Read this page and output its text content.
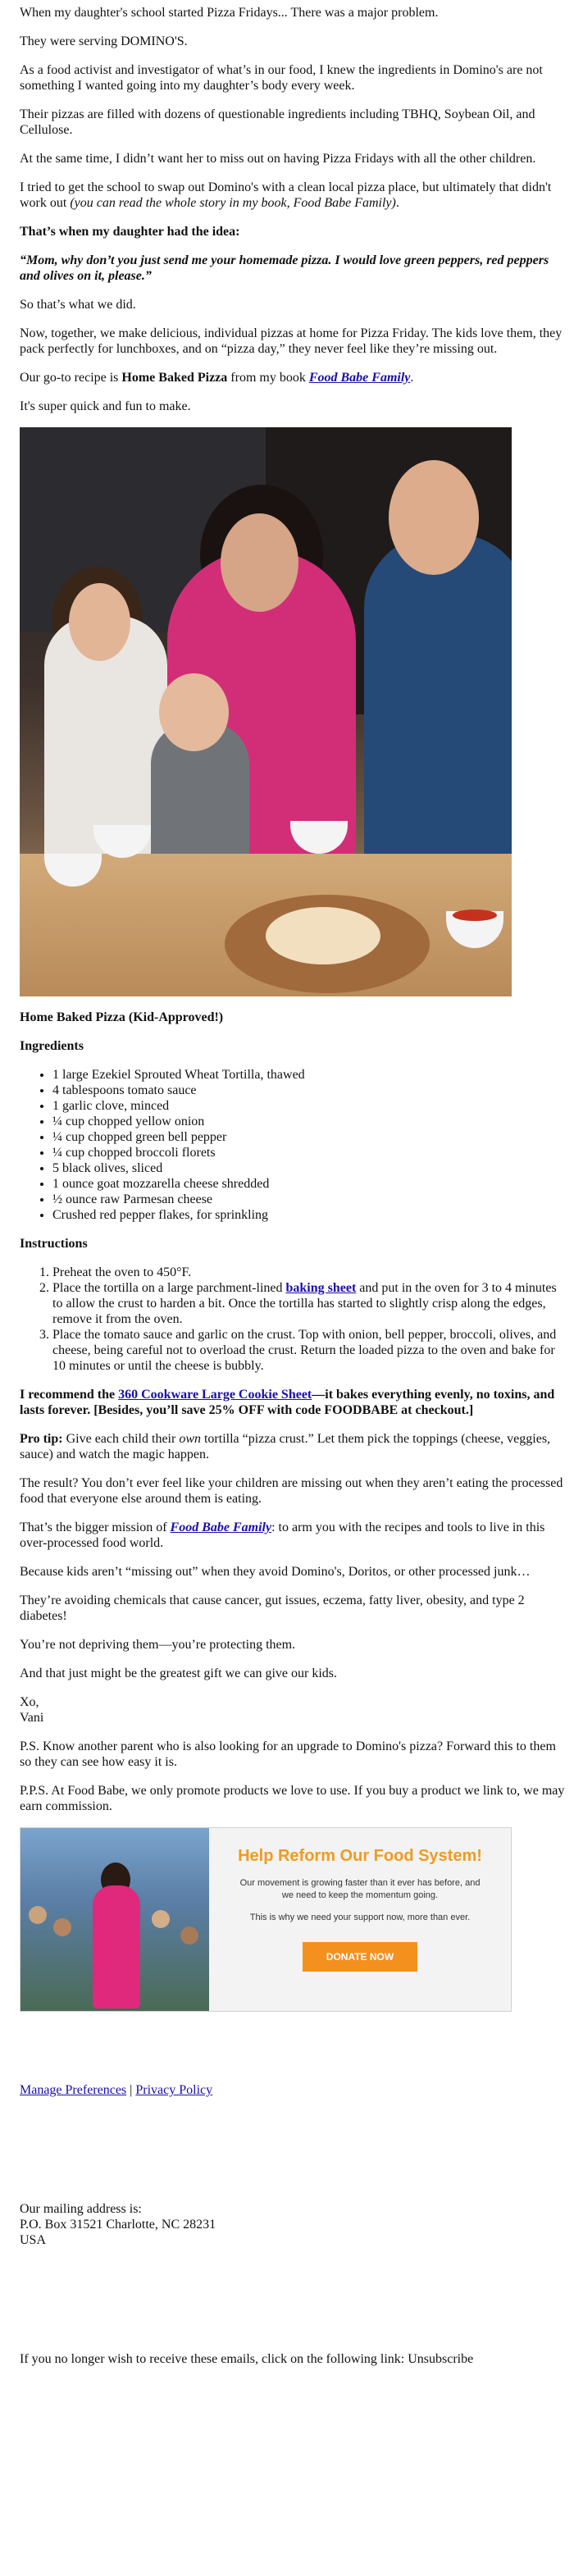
When my daughter's school started Pizza Fridays... There was a major problem.

They were serving DOMINO'S.

As a food activist and investigator of what’s in our food, I knew the ingredients in Domino's are not something I wanted going into my daughter’s body every week.

Their pizzas are filled with dozens of questionable ingredients including TBHQ, Soybean Oil, and Cellulose.

At the same time, I didn’t want her to miss out on having Pizza Fridays with all the other children.

I tried to get the school to swap out Domino's with a clean local pizza place, but ultimately that didn't work out (you can read the whole story in my book, Food Babe Family).

That’s when my daughter had the idea:

“Mom, why don’t you just send me your homemade pizza. I would love green peppers, red peppers and olives on it, please.”

So that’s what we did.

Now, together, we make delicious, individual pizzas at home for Pizza Friday. The kids love them, they pack perfectly for lunchboxes, and on “pizza day,” they never feel like they’re missing out.

Our go-to recipe is Home Baked Pizza from my book Food Babe Family.

It's super quick and fun to make.

Home Baked Pizza (Kid-Approved!)

Ingredients

• 1 large Ezekiel Sprouted Wheat Tortilla, thawed
• 4 tablespoons tomato sauce
• 1 garlic clove, minced
• ¼ cup chopped yellow onion
• ¼ cup chopped green bell pepper
• ¼ cup chopped broccoli florets
• 5 black olives, sliced
• 1 ounce goat mozzarella cheese shredded
• ½ ounce raw Parmesan cheese
• Crushed red pepper flakes, for sprinkling

Instructions

1. Preheat the oven to 450°F.
2. Place the tortilla on a large parchment-lined baking sheet and put in the oven for 3 to 4 minutes to allow the crust to harden a bit. Once the tortilla has started to slightly crisp along the edges, remove it from the oven.
3. Place the tomato sauce and garlic on the crust. Top with onion, bell pepper, broccoli, olives, and cheese, being careful not to overload the crust. Return the loaded pizza to the oven and bake for 10 minutes or until the cheese is bubbly.

I recommend the 360 Cookware Large Cookie Sheet—it bakes everything evenly, no toxins, and lasts forever. [Besides, you’ll save 25% OFF with code FOODBABE at checkout.]

Pro tip: Give each child their own tortilla “pizza crust.” Let them pick the toppings (cheese, veggies, sauce) and watch the magic happen.

The result? You don’t ever feel like your children are missing out when they aren’t eating the processed food that everyone else around them is eating.

That’s the bigger mission of Food Babe Family: to arm you with the recipes and tools to live in this over-processed food world.

Because kids aren’t “missing out” when they avoid Domino's, Doritos, or other processed junk…

They’re avoiding chemicals that cause cancer, gut issues, eczema, fatty liver, obesity, and type 2 diabetes!

You’re not depriving them—you’re protecting them.

And that just might be the greatest gift we can give our kids.

Xo,
Vani

P.S. Know another parent who is also looking for an upgrade to Domino's pizza? Forward this to them so they can see how easy it is.

P.P.S. At Food Babe, we only promote products we love to use. If you buy a product we link to, we may earn commission.

Help Reform Our Food System!
Our movement is growing faster than it ever has before, and we need to keep the momentum going.
This is why we need your support now, more than ever.
DONATE NOW

Manage Preferences | Privacy Policy

Our mailing address is:
P.O. Box 31521 Charlotte, NC 28231
USA

If you no longer wish to receive these emails, click on the following link: Unsubscribe
